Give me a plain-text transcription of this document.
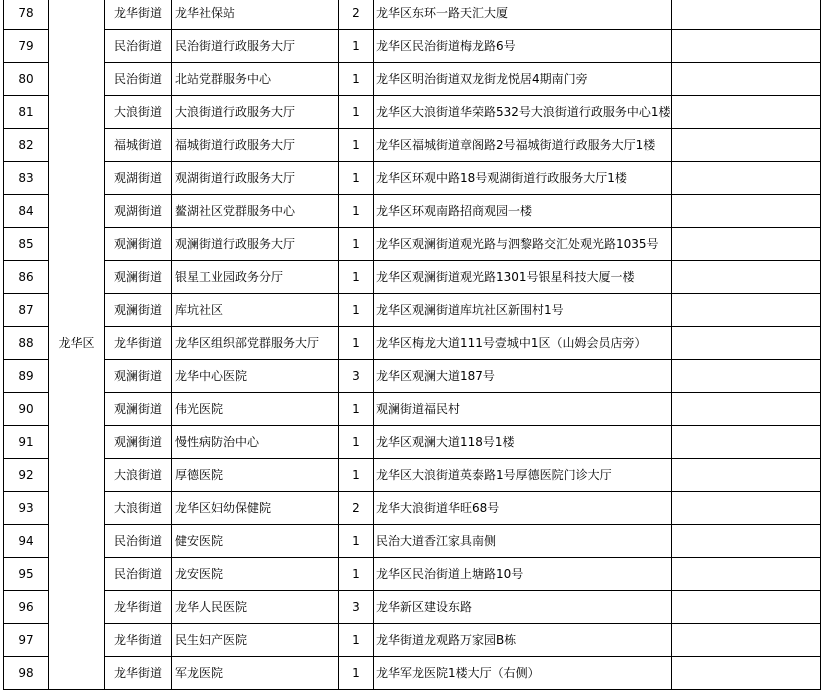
78	龙华区	龙华街道	龙华社保站	2	龙华区东环一路天汇大厦	
79		民治街道	民治街道行政服务大厅	1	龙华区民治街道梅龙路6号	
80		民治街道	北站党群服务中心	1	龙华区明治街道双龙街龙悦居4期南门旁	
81		大浪街道	大浪街道行政服务大厅	1	龙华区大浪街道华荣路532号大浪街道行政服务中心1楼	
82		福城街道	福城街道行政服务大厅	1	龙华区福城街道章阁路2号福城街道行政服务大厅1楼	
83		观湖街道	观湖街道行政服务大厅	1	龙华区环观中路18号观湖街道行政服务大厅1楼	
84		观湖街道	鳌湖社区党群服务中心	1	龙华区环观南路招商观园一楼	
85		观澜街道	观澜街道行政服务大厅	1	龙华区观澜街道观光路与泗黎路交汇处观光路1035号	
86		观澜街道	银星工业园政务分厅	1	龙华区观澜街道观光路1301号银星科技大厦一楼	
87		观澜街道	库坑社区	1	龙华区观澜街道库坑社区新围村1号	
88		龙华街道	龙华区组织部党群服务大厅	1	龙华区梅龙大道111号壹城中1区（山姆会员店旁）	
89		观澜街道	龙华中心医院	3	龙华区观澜大道187号	
90		观澜街道	伟光医院	1	观澜街道福民村	
91		观澜街道	慢性病防治中心	1	龙华区观澜大道118号1楼	
92		大浪街道	厚德医院	1	龙华区大浪街道英泰路1号厚德医院门诊大厅	
93		大浪街道	龙华区妇幼保健院	2	龙华大浪街道华旺68号	
94		民治街道	健安医院	1	民治大道香江家具南侧	
95		民治街道	龙安医院	1	龙华区民治街道上塘路10号	
96		龙华街道	龙华人民医院	3	龙华新区建设东路	
97		龙华街道	民生妇产医院	1	龙华街道龙观路万家园B栋	
98		龙华街道	军龙医院	1	龙华军龙医院1楼大厅（右侧）	
